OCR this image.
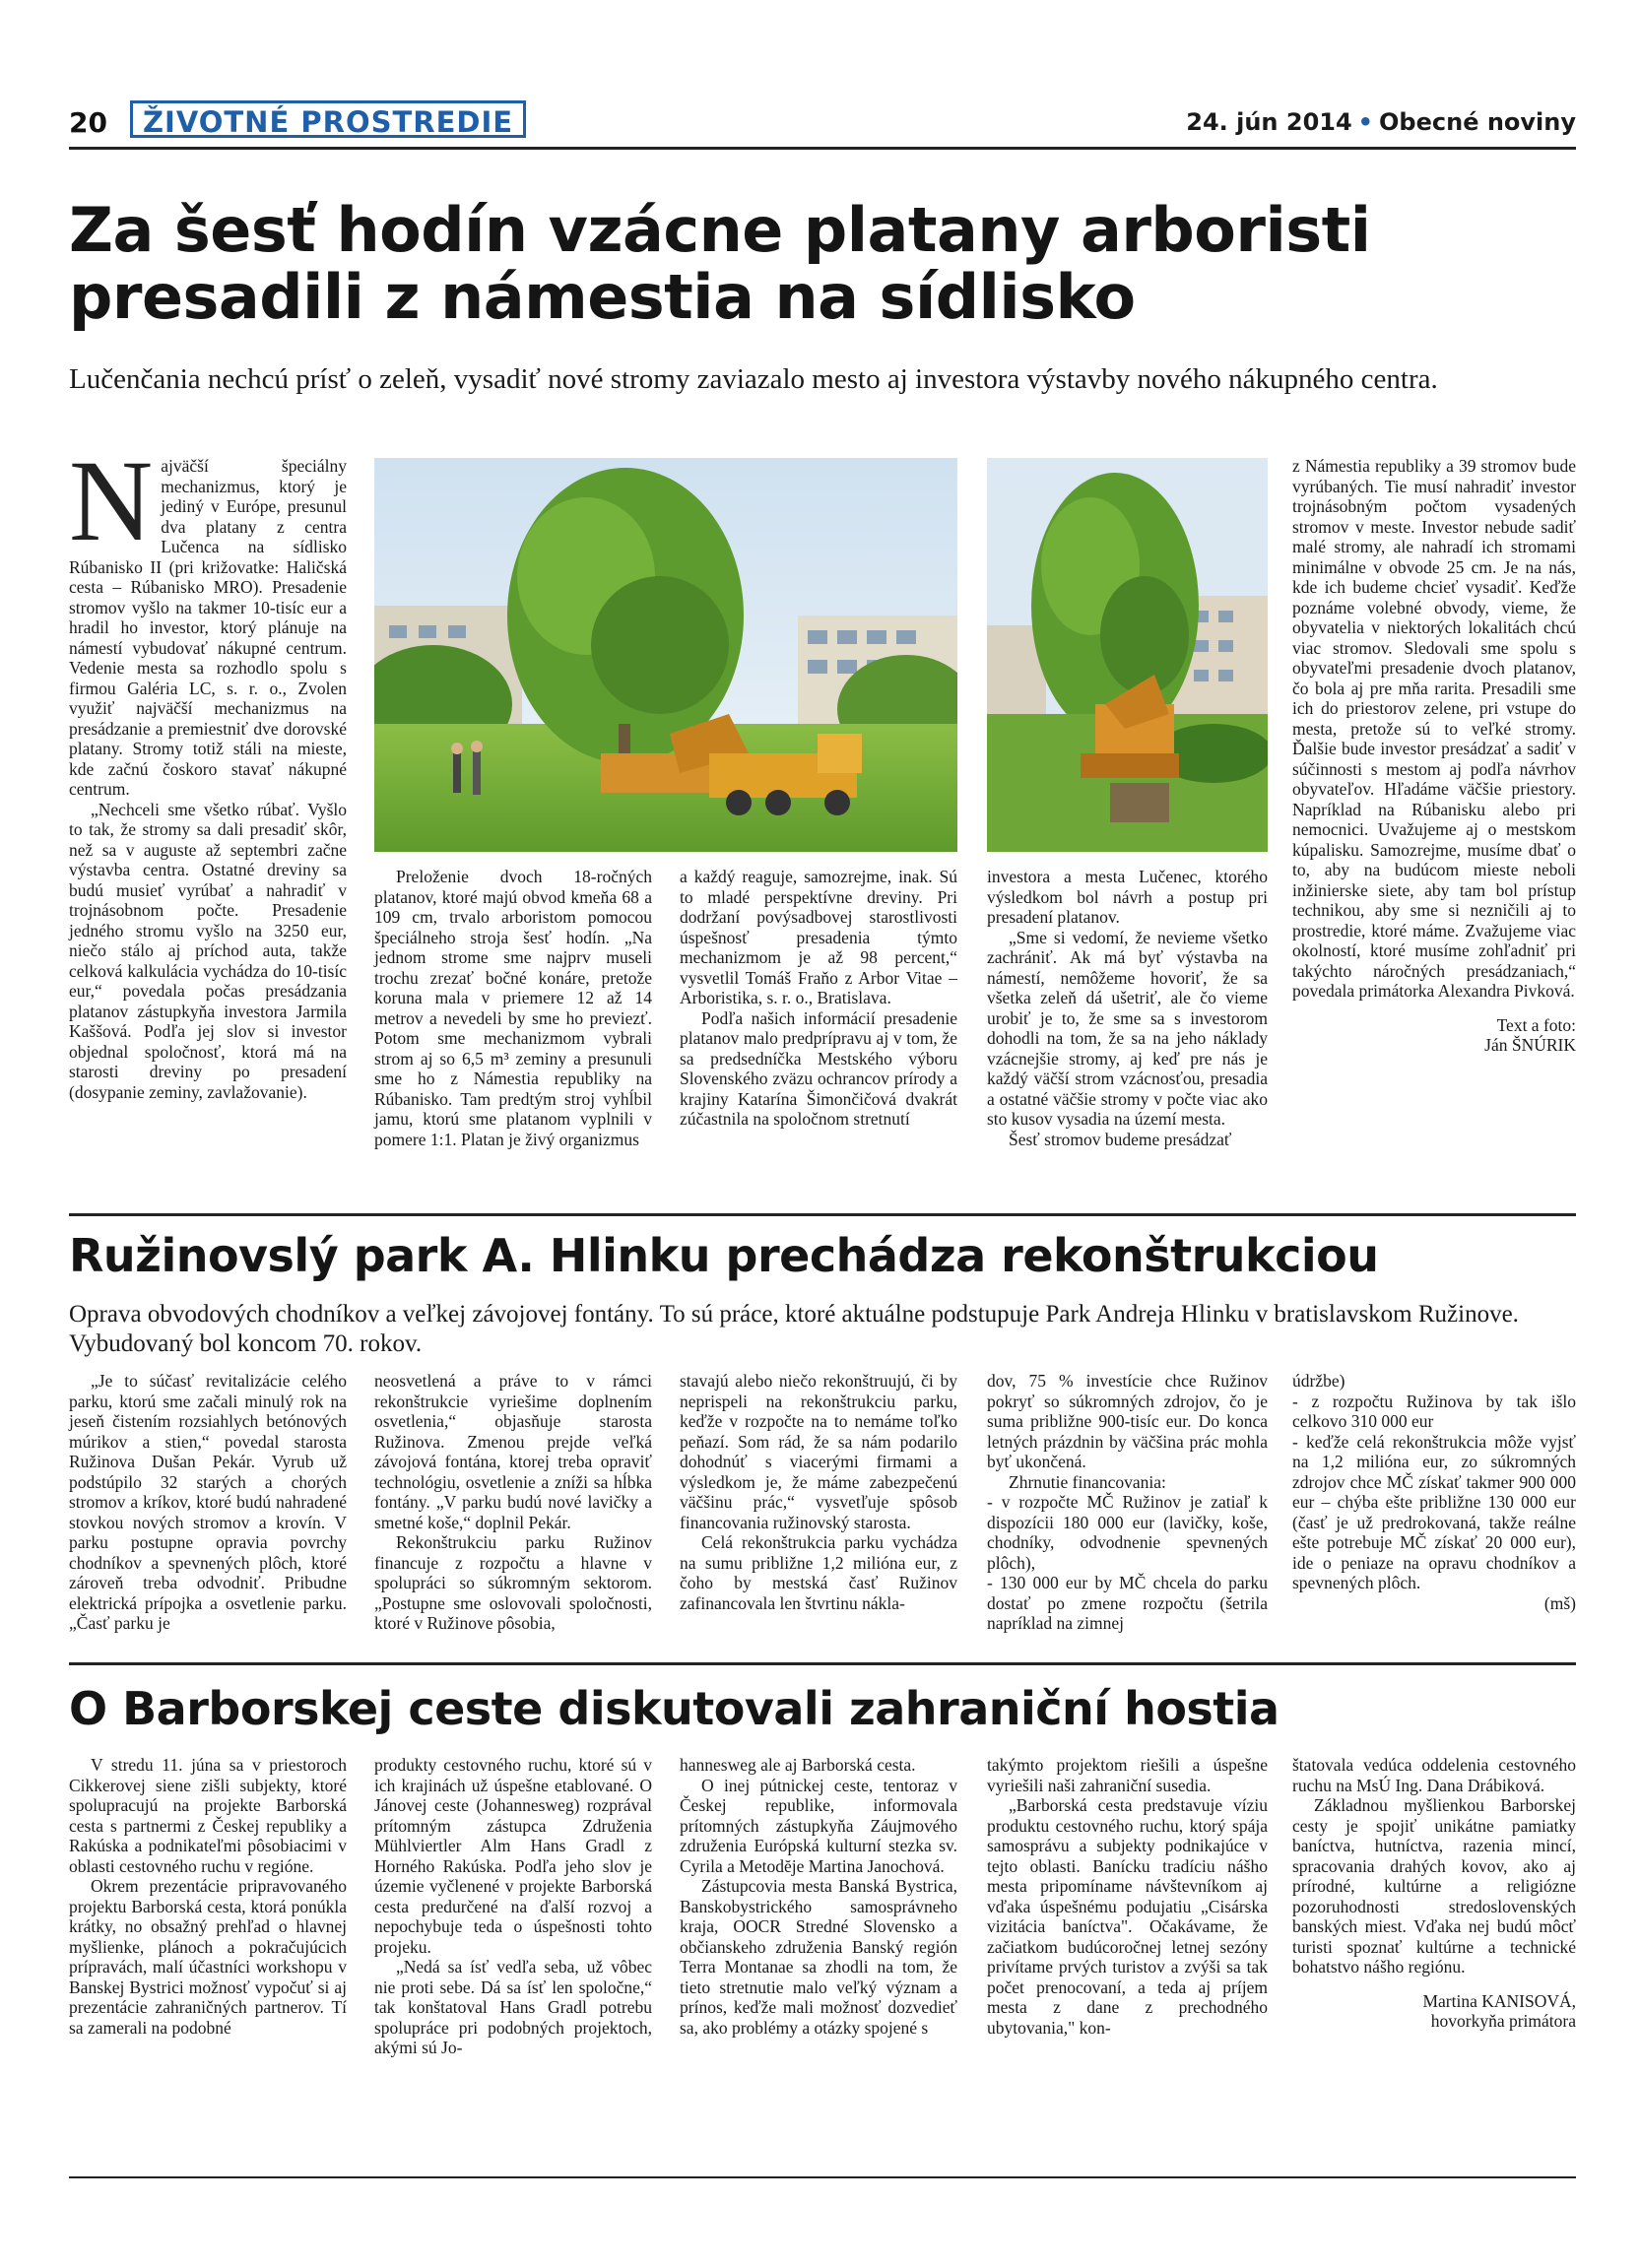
20	ŽIVOTNÉ PROSTREDIE	24. jún 2014 • Obecné noviny
Za šesť hodín vzácne platany arboristi
presadili z námestia na sídlisko
Lučenčania nechcú prísť o zeleň, vysadiť nové stromy zaviazalo mesto aj investora výstavby nového nákupného centra.

Najväčší špeciálny mechanizmus, ktorý je jediný v Európe, presunul dva platany z centra Lučenca na sídlisko Rúbanisko II (pri križovatke: Haličská cesta – Rúbanisko MRO). Presadenie stromov vyšlo na takmer 10-tisíc eur a hradil ho investor, ktorý plánuje na námestí vybudovať nákupné centrum. Vedenie mesta sa rozhodlo spolu s firmou Galéria LC, s. r. o., Zvolen využiť najväčší mechanizmus na presádzanie a premiestniť dve dorovské platany. Stromy totiž stáli na mieste, kde začnú čoskoro stavať nákupné centrum.

„Nechceli sme všetko rúbať. Vyšlo to tak, že stromy sa dali presadiť skôr, než sa v auguste až septembri začne výstavba centra. Ostatné dreviny sa budú musieť vyrúbať a nahradiť v trojnásobnom počte. Presadenie jedného stromu vyšlo na 3250 eur, niečo stálo aj príchod auta, takže celková kalkulácia vychádza do 10-tisíc eur,“ povedala počas presádzania platanov zástupkyňa investora Jarmila Kaššová. Podľa jej slov si investor objednal spoločnosť, ktorá má na starosti dreviny po presadení (dosypanie zeminy, zavlažovanie).

Preloženie dvoch 18-ročných platanov, ktoré majú obvod kmeňa 68 a 109 cm, trvalo arboristom pomocou špeciálneho stroja šesť hodín. „Na jednom strome sme najprv museli trochu zrezať bočné konáre, pretože koruna mala v priemere 12 až 14 metrov a nevedeli by sme ho previezť. Potom sme mechanizmom vybrali strom aj so 6,5 m³ zeminy a presunuli sme ho z Námestia republiky na Rúbanisko. Tam predtým stroj vyhĺbil jamu, ktorú sme platanom vyplnili v pomere 1:1. Platan je živý organizmus

a každý reaguje, samozrejme, inak. Sú to mladé perspektívne dreviny. Pri dodržaní povýsadbovej starostlivosti úspešnosť presadenia týmto mechanizmom je až 98 percent,“ vysvetlil Tomáš Fraňo z Arbor Vitae – Arboristika, s. r. o., Bratislava.

Podľa našich informácií presadenie platanov malo predprípravu aj v tom, že sa predsedníčka Mestského výboru Slovenského zväzu ochrancov prírody a krajiny Katarína Šimončičová dvakrát zúčastnila na spoločnom stretnutí

investora a mesta Lučenec, ktorého výsledkom bol návrh a postup pri presadení platanov.

„Sme si vedomí, že nevieme všetko zachrániť. Ak má byť výstavba na námestí, nemôžeme hovoriť, že sa všetka zeleň dá ušetriť, ale čo vieme urobiť je to, že sme sa s investorom dohodli na tom, že sa na jeho náklady vzácnejšie stromy, aj keď pre nás je každý väčší strom vzácnosťou, presadia a ostatné väčšie stromy v počte viac ako sto kusov vysadia na území mesta.

Šesť stromov budeme presádzať

z Námestia republiky a 39 stromov bude vyrúbaných. Tie musí nahradiť investor trojnásobným počtom vysadených stromov v meste. Investor nebude sadiť malé stromy, ale nahradí ich stromami minimálne v obvode 25 cm. Je na nás, kde ich budeme chcieť vysadiť. Keďže poznáme volebné obvody, vieme, že obyvatelia v niektorých lokalitách chcú viac stromov. Sledovali sme spolu s obyvateľmi presadenie dvoch platanov, čo bola aj pre mňa rarita. Presadili sme ich do priestorov zelene, pri vstupe do mesta, pretože sú to veľké stromy. Ďalšie bude investor presádzať a sadiť v súčinnosti s mestom aj podľa návrhov obyvateľov. Hľadáme väčšie priestory. Napríklad na Rúbanisku alebo pri nemocnici. Uvažujeme aj o mestskom kúpalisku. Samozrejme, musíme dbať o to, aby na budúcom mieste neboli inžinierske siete, aby tam bol prístup technikou, aby sme si nezničili aj to prostredie, ktoré máme. Zvažujeme viac okolností, ktoré musíme zohľadniť pri takýchto náročných presádzaniach,“ povedala primátorka Alexandra Pivková.

Text a foto:

Ján ŠNÚRIK

Ružinovslý park A. Hlinku prechádza rekonštrukciou
Oprava obvodových chodníkov a veľkej závojovej fontány. To sú práce, ktoré aktuálne podstupuje Park Andreja Hlinku v bratislavskom Ružinove. Vybudovaný bol koncom 70. rokov.

„Je to súčasť revitalizácie celého parku, ktorú sme začali minulý rok na jeseň čistením rozsiahlych betónových múrikov a stien,“ povedal starosta Ružinova Dušan Pekár. Vyrub už podstúpilo 32 starých a chorých stromov a kríkov, ktoré budú nahradené stovkou nových stromov a krovín. V parku postupne opravia povrchy chodníkov a spevnených plôch, ktoré zároveň treba odvodniť. Pribudne elektrická prípojka a osvetlenie parku. „Časť parku je

neosvetlená a práve to v rámci rekonštrukcie vyriešime doplnením osvetlenia,“ objasňuje starosta Ružinova. Zmenou prejde veľká závojová fontána, ktorej treba opraviť technológiu, osvetlenie a zníži sa hĺbka fontány. „V parku budú nové lavičky a smetné koše,“ doplnil Pekár.

Rekonštrukciu parku Ružinov financuje z rozpočtu a hlavne v spolupráci so súkromným sektorom. „Postupne sme oslovovali spoločnosti, ktoré v Ružinove pôsobia,

stavajú alebo niečo rekonštruujú, či by neprispeli na rekonštrukciu parku, keďže v rozpočte na to nemáme toľko peňazí. Som rád, že sa nám podarilo dohodnúť s viacerými firmami a výsledkom je, že máme zabezpečenú väčšinu prác,“ vysvetľuje spôsob financovania ružinovský starosta.

Celá rekonštrukcia parku vychádza na sumu približne 1,2 milióna eur, z čoho by mestská časť Ružinov zafinancovala len štvrtinu nákla-

dov, 75 % investície chce Ružinov pokryť so súkromných zdrojov, čo je suma približne 900-tisíc eur. Do konca letných prázdnin by väčšina prác mohla byť ukončená.

Zhrnutie financovania:

- v rozpočte MČ Ružinov je zatiaľ k dispozícii 180 000 eur (lavičky, koše, chodníky, odvodnenie spevnených plôch),

- 130 000 eur by MČ chcela do parku dostať po zmene rozpočtu (šetrila napríklad na zimnej

údržbe)

- z rozpočtu Ružinova by tak išlo celkovo 310 000 eur

- keďže celá rekonštrukcia môže vyjsť na 1,2 milióna eur, zo súkromných zdrojov chce MČ získať takmer 900 000 eur – chýba ešte približne 130 000 eur (časť je už predrokovaná, takže reálne ešte potrebuje MČ získať 20 000 eur), ide o peniaze na opravu chodníkov a spevnených plôch.

(mš)

O Barborskej ceste diskutovali zahraniční hostia

V stredu 11. júna sa v priestoroch Cikkerovej siene zišli subjekty, ktoré spolupracujú na projekte Barborská cesta s partnermi z Českej republiky a Rakúska a podnikateľmi pôsobiacimi v oblasti cestovného ruchu v regióne.

Okrem prezentácie pripravovaného projektu Barborská cesta, ktorá ponúkla krátky, no obsažný prehľad o hlavnej myšlienke, plánoch a pokračujúcich prípravách, malí účastníci workshopu v Banskej Bystrici možnosť vypočuť si aj prezentácie zahraničných partnerov. Tí sa zamerali na podobné

produkty cestovného ruchu, ktoré sú v ich krajinách už úspešne etablované. O Jánovej ceste (Johannesweg) rozprával prítomným zástupca Združenia Mühlviertler Alm Hans Gradl z Horného Rakúska. Podľa jeho slov je územie vyčlenené v projekte Barborská cesta predurčené na ďalší rozvoj a nepochybuje teda o úspešnosti tohto projeku.

„Nedá sa ísť vedľa seba, už vôbec nie proti sebe. Dá sa ísť len spoločne,“ tak konštatoval Hans Gradl potrebu spolupráce pri podobných projektoch, akými sú Jo-

hannesweg ale aj Barborská cesta.

O inej pútnickej ceste, tentoraz v Českej republike, informovala prítomných zástupkyňa Záujmového združenia Európská kulturní stezka sv. Cyrila a Metodĕje Martina Janochová.

Zástupcovia mesta Banská Bystrica, Banskobystrického samosprávneho kraja, OOCR Stredné Slovensko a občianskeho združenia Banský región Terra Montanae sa zhodli na tom, že tieto stretnutie malo veľký význam a prínos, keďže mali možnosť dozvedieť sa, ako problémy a otázky spojené s

takýmto projektom riešili a úspešne vyriešili naši zahraniční susedia.

„Barborská cesta predstavuje víziu produktu cestovného ruchu, ktorý spája samosprávu a subjekty podnikajúce v tejto oblasti. Banícku tradíciu nášho mesta pripomíname návštevníkom aj vďaka úspešnému podujatiu „Cisárska vizitácia baníctva". Očakávame, že začiatkom budúcoročnej letnej sezóny privítame prvých turistov a zvýši sa tak počet prenocovaní, a teda aj príjem mesta z dane z prechodného ubytovania," kon-

štatovala vedúca oddelenia cestovného ruchu na MsÚ Ing. Dana Drábiková.

Základnou myšlienkou Barborskej cesty je spojiť unikátne pamiatky baníctva, hutníctva, razenia mincí, spracovania drahých kovov, ako aj prírodné, kultúrne a religiózne pozoruhodnosti stredoslovenských banských miest. Vďaka nej budú môcť turisti spoznať kultúrne a technické bohatstvo nášho regiónu.

Martina KANISOVÁ,

hovorkyňa primátora
